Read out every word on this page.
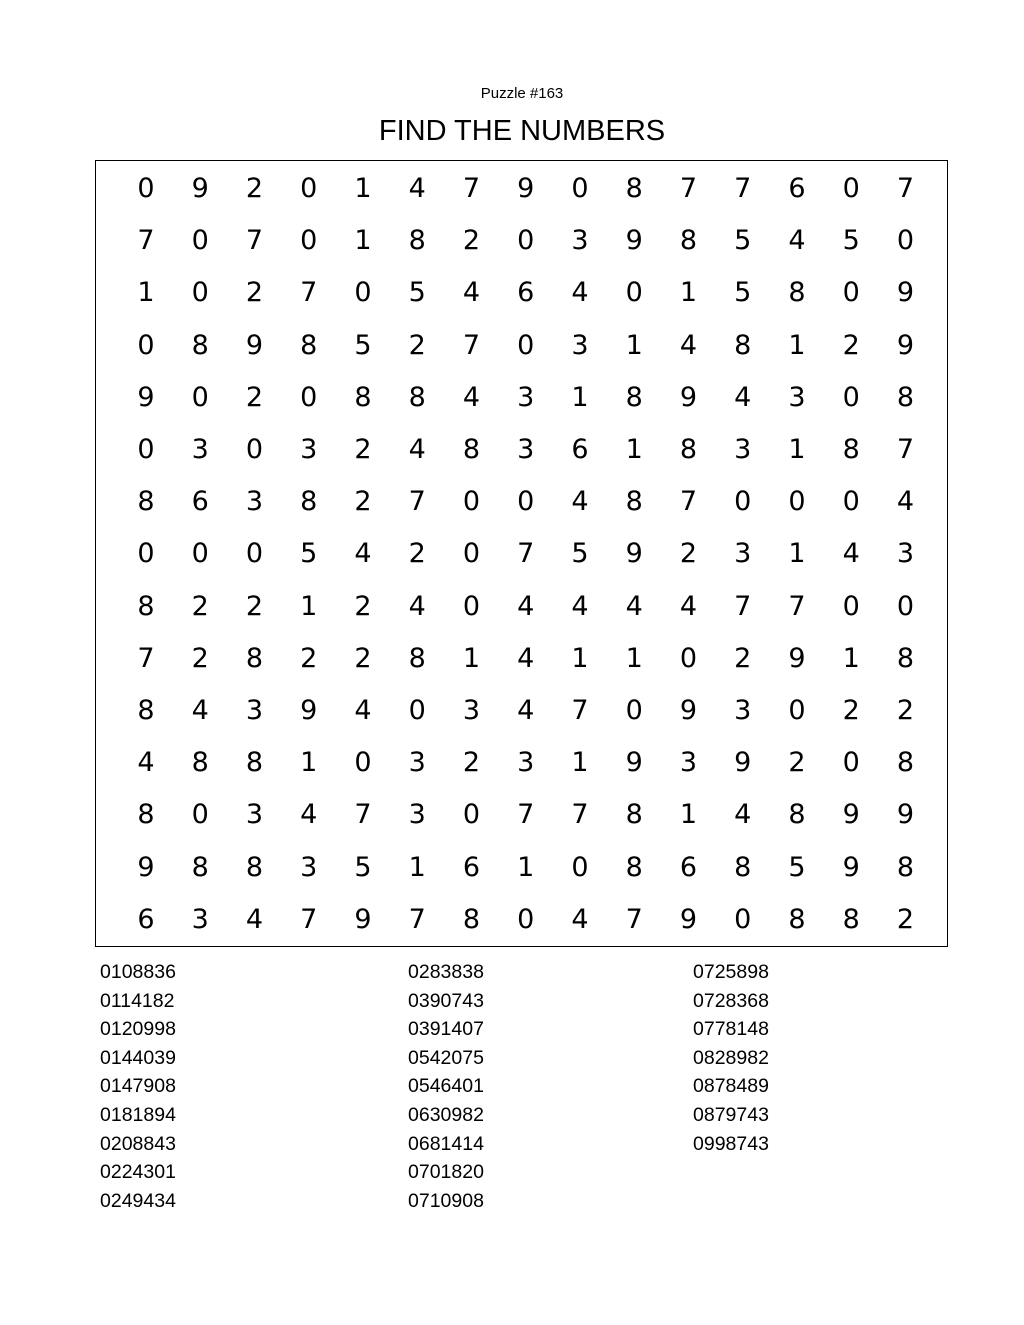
Puzzle #163
FIND THE NUMBERS
0	9	2	0	1	4	7	9	0	8	7	7	6	0	7
7	0	7	0	1	8	2	0	3	9	8	5	4	5	0
1	0	2	7	0	5	4	6	4	0	1	5	8	0	9
0	8	9	8	5	2	7	0	3	1	4	8	1	2	9
9	0	2	0	8	8	4	3	1	8	9	4	3	0	8
0	3	0	3	2	4	8	3	6	1	8	3	1	8	7
8	6	3	8	2	7	0	0	4	8	7	0	0	0	4
0	0	0	5	4	2	0	7	5	9	2	3	1	4	3
8	2	2	1	2	4	0	4	4	4	4	7	7	0	0
7	2	8	2	2	8	1	4	1	1	0	2	9	1	8
8	4	3	9	4	0	3	4	7	0	9	3	0	2	2
4	8	8	1	0	3	2	3	1	9	3	9	2	0	8
8	0	3	4	7	3	0	7	7	8	1	4	8	9	9
9	8	8	3	5	1	6	1	0	8	6	8	5	9	8
6	3	4	7	9	7	8	0	4	7	9	0	8	8	2
0108836
0114182
0120998
0144039
0147908
0181894
0208843
0224301
0249434
0283838
0390743
0391407
0542075
0546401
0630982
0681414
0701820
0710908
0725898
0728368
0778148
0828982
0878489
0879743
0998743
